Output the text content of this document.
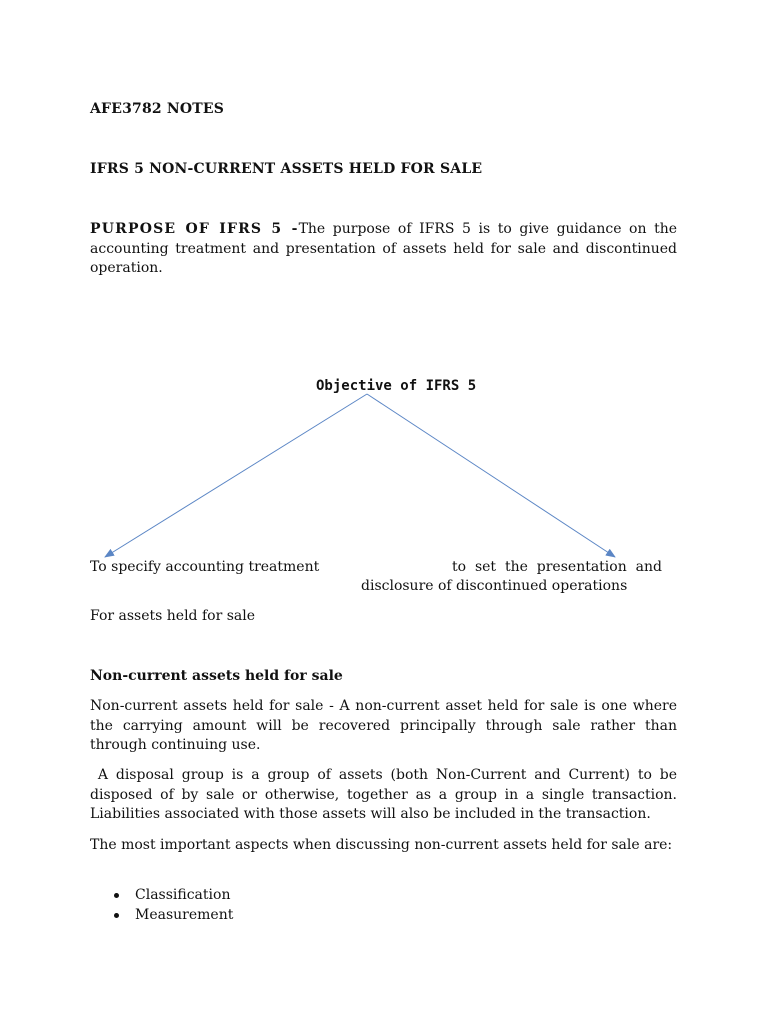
AFE3782 NOTES
IFRS 5 NON-CURRENT ASSETS HELD FOR SALE
PURPOSE OF IFRS 5 -The purpose of IFRS 5 is to give guidance on the accounting treatment and presentation of assets held for sale and discontinued operation.
Objective of IFRS 5
To specify accounting treatment	to  set  the  presentation  and
disclosure of discontinued operations
For assets held for sale
Non-current assets held for sale
Non-current assets held for sale - A non-current asset held for sale is one where the carrying amount will be recovered principally through sale rather than through continuing use.
A disposal group is a group of assets (both Non-Current and Current) to be disposed of by sale or otherwise, together as a group in a single transaction. Liabilities associated with those assets will also be included in the transaction.
The most important aspects when discussing non-current assets held for sale are:
Classification
Measurement
